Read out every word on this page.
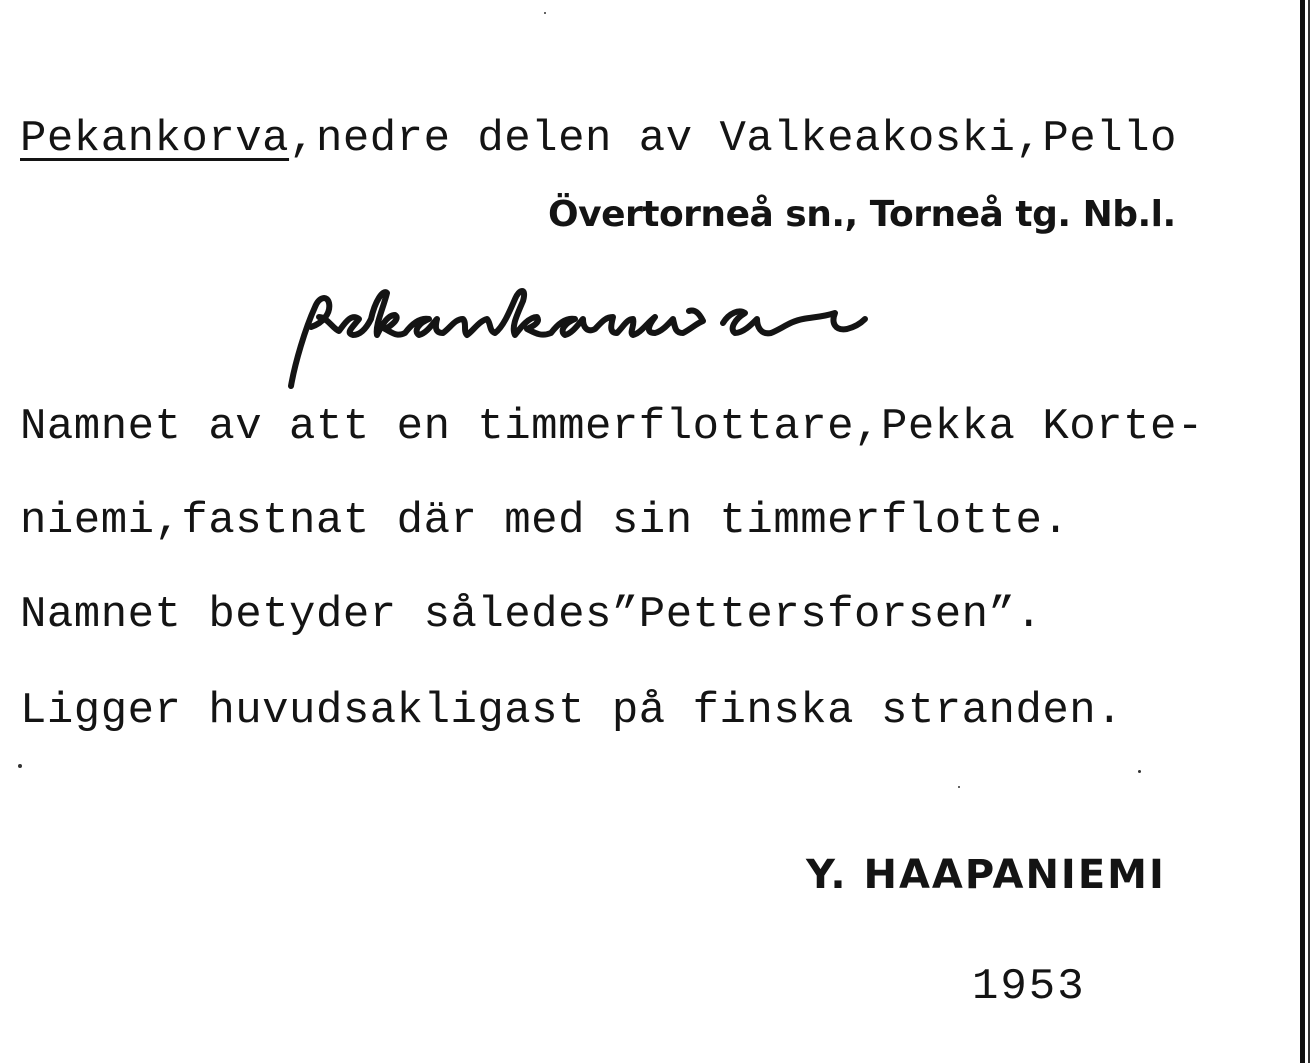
Pekankorva,nedre delen av Valkeakoski,Pello
Övertorneå sn., Torneå tg. Nb.l.
Namnet av att en timmerflottare,Pekka Korte-
niemi,fastnat där med sin timmerflotte.
Namnet betyder således”Pettersforsen”.
Ligger huvudsakligast på finska stranden.
Y. HAAPANIEMI
1953
